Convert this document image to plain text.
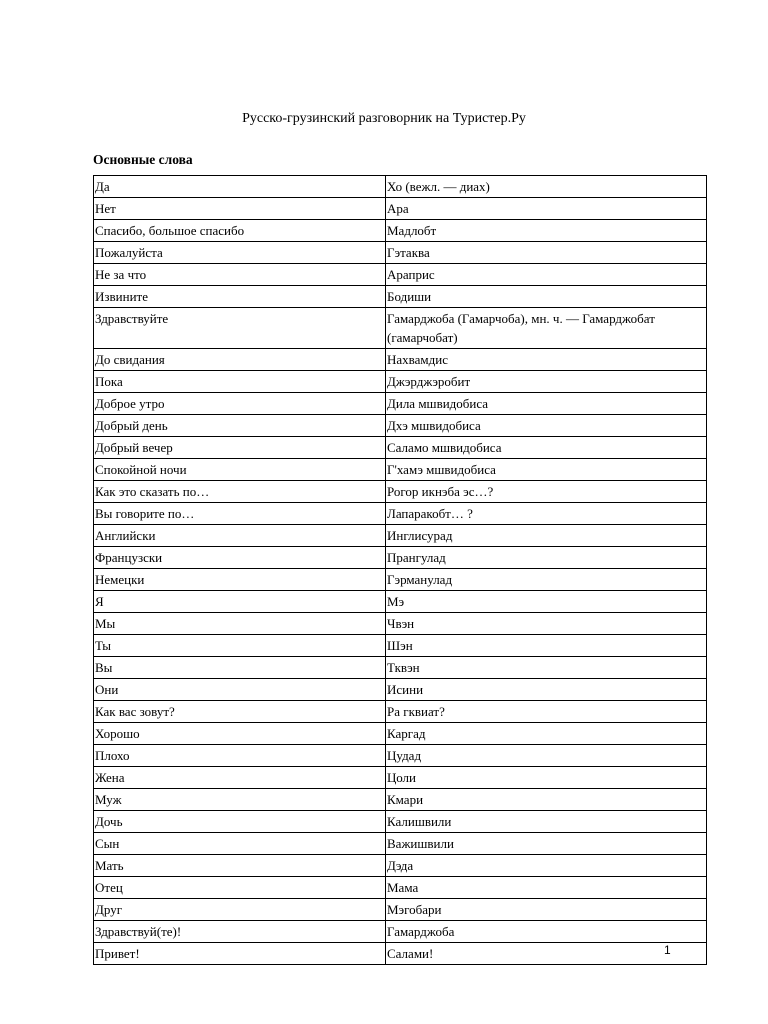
Русско-грузинский разговорник на Туристер.Ру
Основные слова
Да	Хо (вежл. — диах)
Нет	Ара
Спасибо, большое спасибо	Мадлобт
Пожалуйста	Гэтаква
Не за что	Араприс
Извините	Бодиши
Здравствуйте	Гамарджоба (Гамарчоба), мн. ч. — Гамарджобат (гамарчобат)
До свидания	Нахвамдис
Пока	Джэрджэробит
Доброе утро	Дила мшвидобиса
Добрый день	Дхэ мшвидобиса
Добрый вечер	Саламо мшвидобиса
Спокойной ночи	Г'хамэ мшвидобиса
Как это сказать по…	Рогор икнэба эс…?
Вы говорите по…	Лапаракобт… ?
Английски	Инглисурад
Французски	Прангулад
Немецки	Гэрманулад
Я	Мэ
Мы	Чвэн
Ты	Шэн
Вы	Тквэн
Они	Исини
Как вас зовут?	Ра гквиат?
Хорошо	Каргад
Плохо	Цудад
Жена	Цоли
Муж	Кмари
Дочь	Калишвили
Сын	Важишвили
Мать	Дэда
Отец	Мама
Друг	Мэгобари
Здравствуй(те)!	Гамарджоба
Привет!	Салами!	1
